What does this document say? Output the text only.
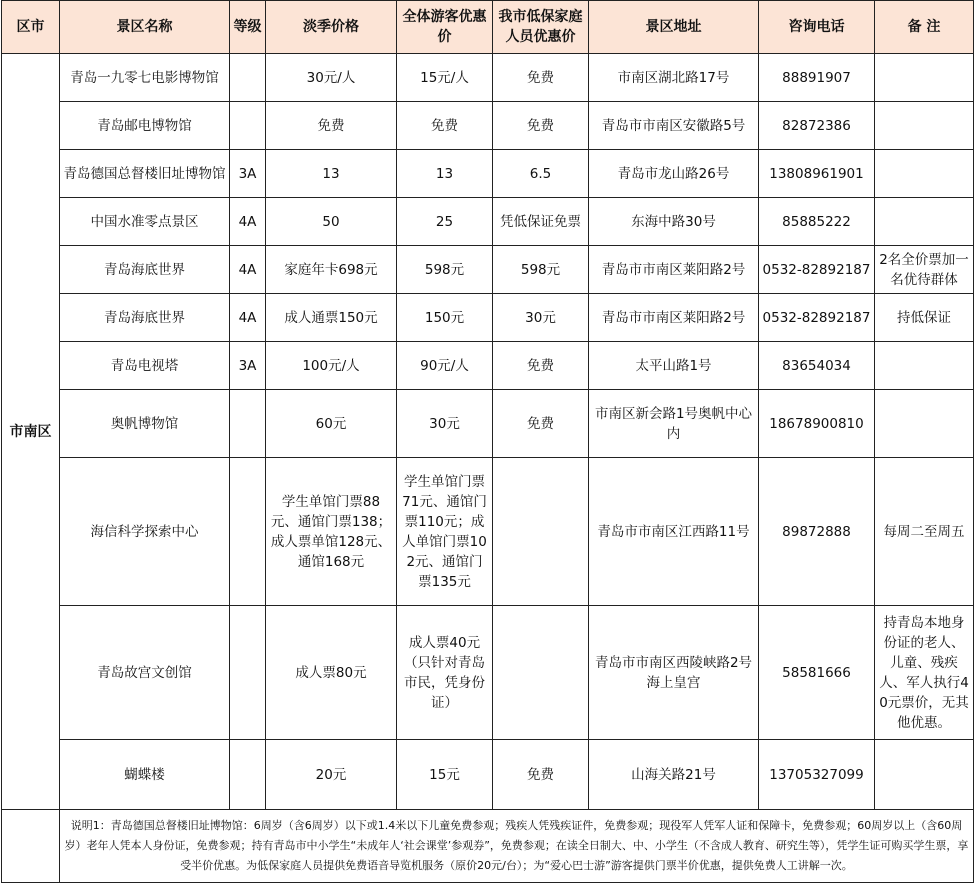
区市	景区名称	等级	淡季价格	全体游客优惠价	我市低保家庭人员优惠价	景区地址	咨询电话	备 注
市南区	青岛一九零七电影博物馆		30元/人	15元/人	免费	市南区湖北路17号	88891907	
	青岛邮电博物馆		免费	免费	免费	青岛市市南区安徽路5号	82872386	
	青岛德国总督楼旧址博物馆	3A	13	13	6.5	青岛市龙山路26号	13808961901	
	中国水准零点景区	4A	50	25	凭低保证免票	东海中路30号	85885222	
	青岛海底世界	4A	家庭年卡698元	598元	598元	青岛市市南区莱阳路2号	0532-82892187	2名全价票加一名优待群体
	青岛海底世界	4A	成人通票150元	150元	30元	青岛市市南区莱阳路2号	0532-82892187	持低保证
	青岛电视塔	3A	100元/人	90元/人	免费	太平山路1号	83654034	
	奥帆博物馆		60元	30元	免费	市南区新会路1号奥帆中心内	18678900810	
	海信科学探索中心		学生单馆门票88元、通馆门票138；成人票单馆128元、通馆168元	学生单馆门票71元、通馆门票110元；成人单馆门票102元、通馆门票135元		青岛市市南区江西路11号	89872888	每周二至周五
	青岛故宫文创馆		成人票80元	成人票40元（只针对青岛市民，凭身份证）		青岛市市南区西陵峡路2号海上皇宫	58581666	持青岛本地身份证的老人、儿童、残疾人、军人执行40元票价，无其他优惠。
	蝴蝶楼		20元	15元	免费	山海关路21号	13705327099	
	说明1：青岛德国总督楼旧址博物馆：6周岁（含6周岁）以下或1.4米以下儿童免费参观；残疾人凭残疾证件，免费参观；现役军人凭军人证和保障卡，免费参观；60周岁以上（含60周岁）老年人凭本人身份证，免费参观；持有青岛市中小学生“未成年人‘社会课堂’参观券”，免费参观；在读全日制大、中、小学生（不含成人教育、研究生等），凭学生证可购买学生票，享受半价优惠。为低保家庭人员提供免费语音导览机服务（原价20元/台）；为“爱心巴士游”游客提供门票半价优惠，提供免费人工讲解一次。							
